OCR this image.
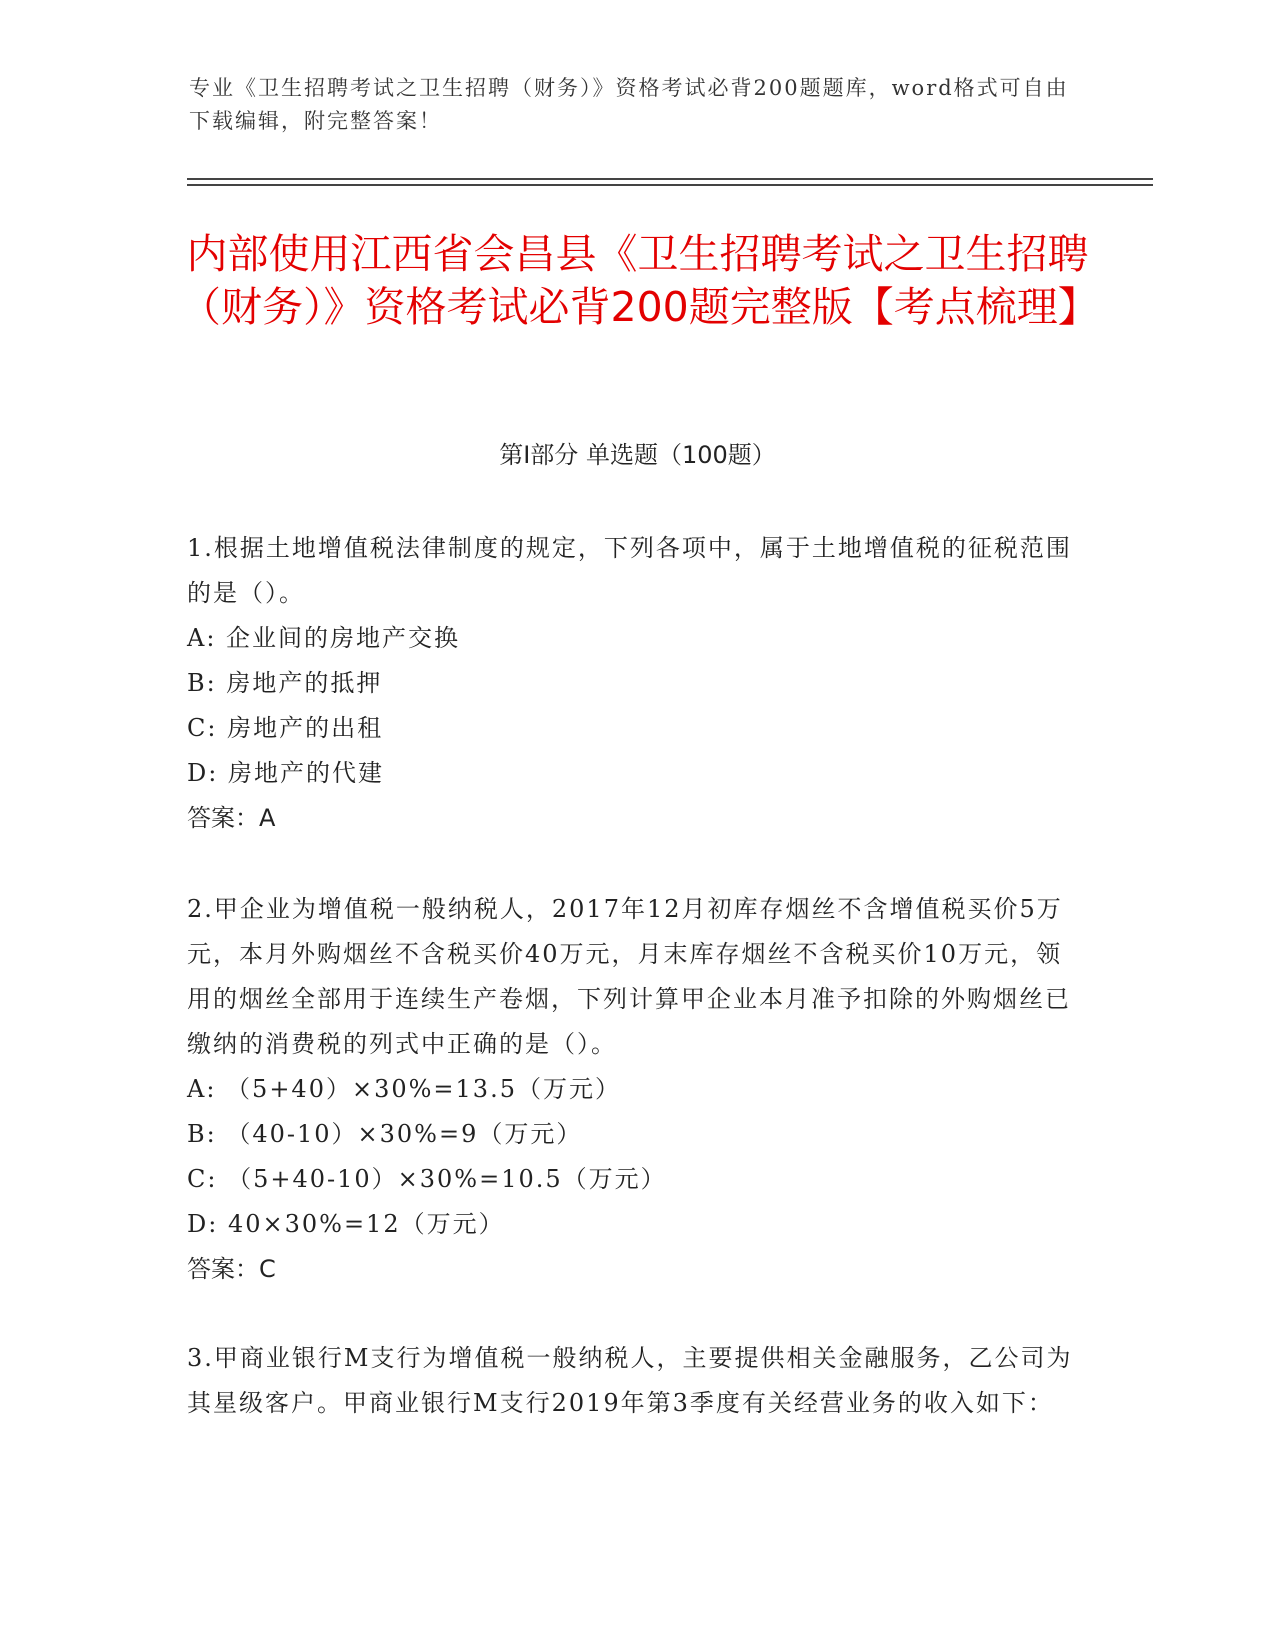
专业《卫生招聘考试之卫生招聘（财务）》资格考试必背200题题库，word格式可自由下载编辑，附完整答案！
内部使用江西省会昌县《卫生招聘考试之卫生招聘（财务）》资格考试必背200题完整版【考点梳理】
第Ⅰ部分 单选题（100题）

1.根据土地增值税法律制度的规定，下列各项中，属于土地增值税的征税范围的是（）。

A: 企业间的房地产交换
B: 房地产的抵押
C: 房地产的出租
D: 房地产的代建

答案：A

2.甲企业为增值税一般纳税人，2017年12月初库存烟丝不含增值税买价5万元，本月外购烟丝不含税买价40万元，月末库存烟丝不含税买价10万元，领用的烟丝全部用于连续生产卷烟，下列计算甲企业本月准予扣除的外购烟丝已缴纳的消费税的列式中正确的是（）。

A: （5+40）×30%=13.5（万元）
B: （40-10）×30%=9（万元）
C: （5+40-10）×30%=10.5（万元）
D: 40×30%=12（万元）

答案：C

3.甲商业银行M支行为增值税一般纳税人，主要提供相关金融服务，乙公司为其星级客户。甲商业银行M支行2019年第3季度有关经营业务的收入如下：
